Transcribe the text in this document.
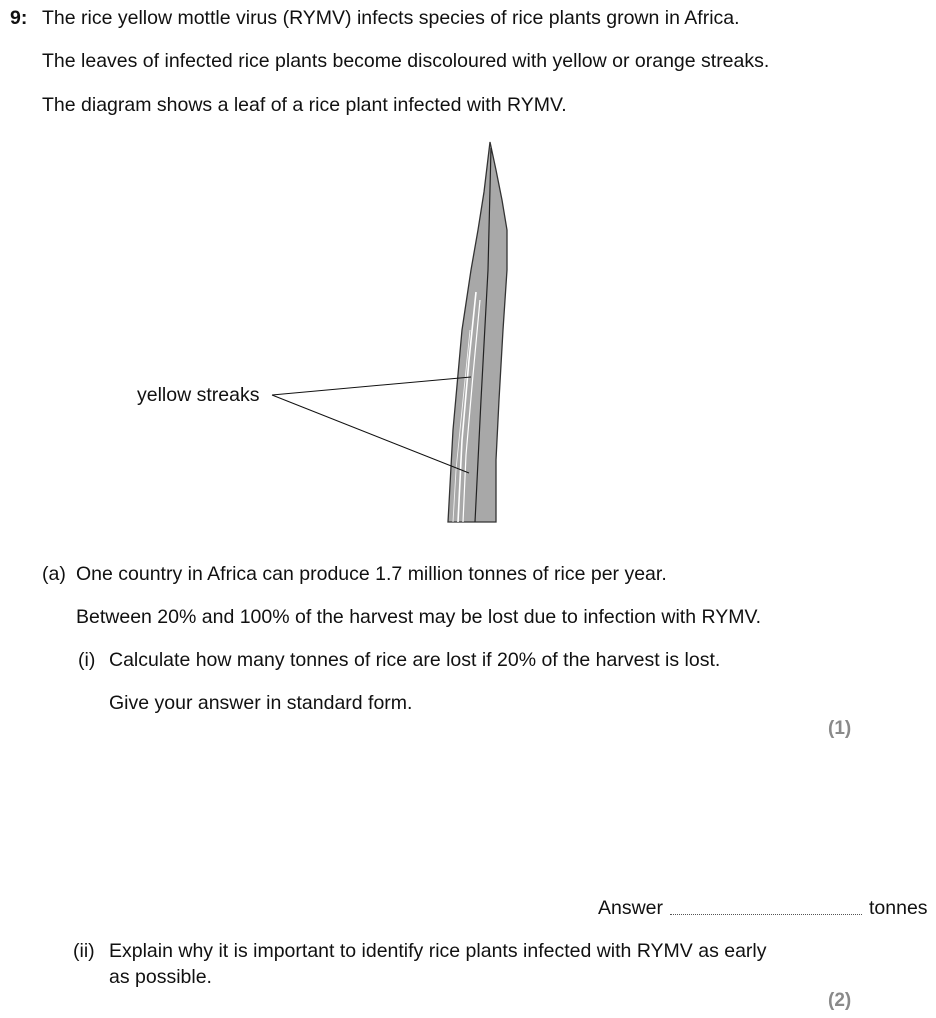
9: The rice yellow mottle virus (RYMV) infects species of rice plants grown in Africa.
The leaves of infected rice plants become discoloured with yellow or orange streaks.
The diagram shows a leaf of a rice plant infected with RYMV.
yellow streaks
(a) One country in Africa can produce 1.7 million tonnes of rice per year.
Between 20% and 100% of the harvest may be lost due to infection with RYMV.
(i) Calculate how many tonnes of rice are lost if 20% of the harvest is lost.
Give your answer in standard form.
(1)
Answer	tonnes
(ii) Explain why it is important to identify rice plants infected with RYMV as early
as possible.
(2)
